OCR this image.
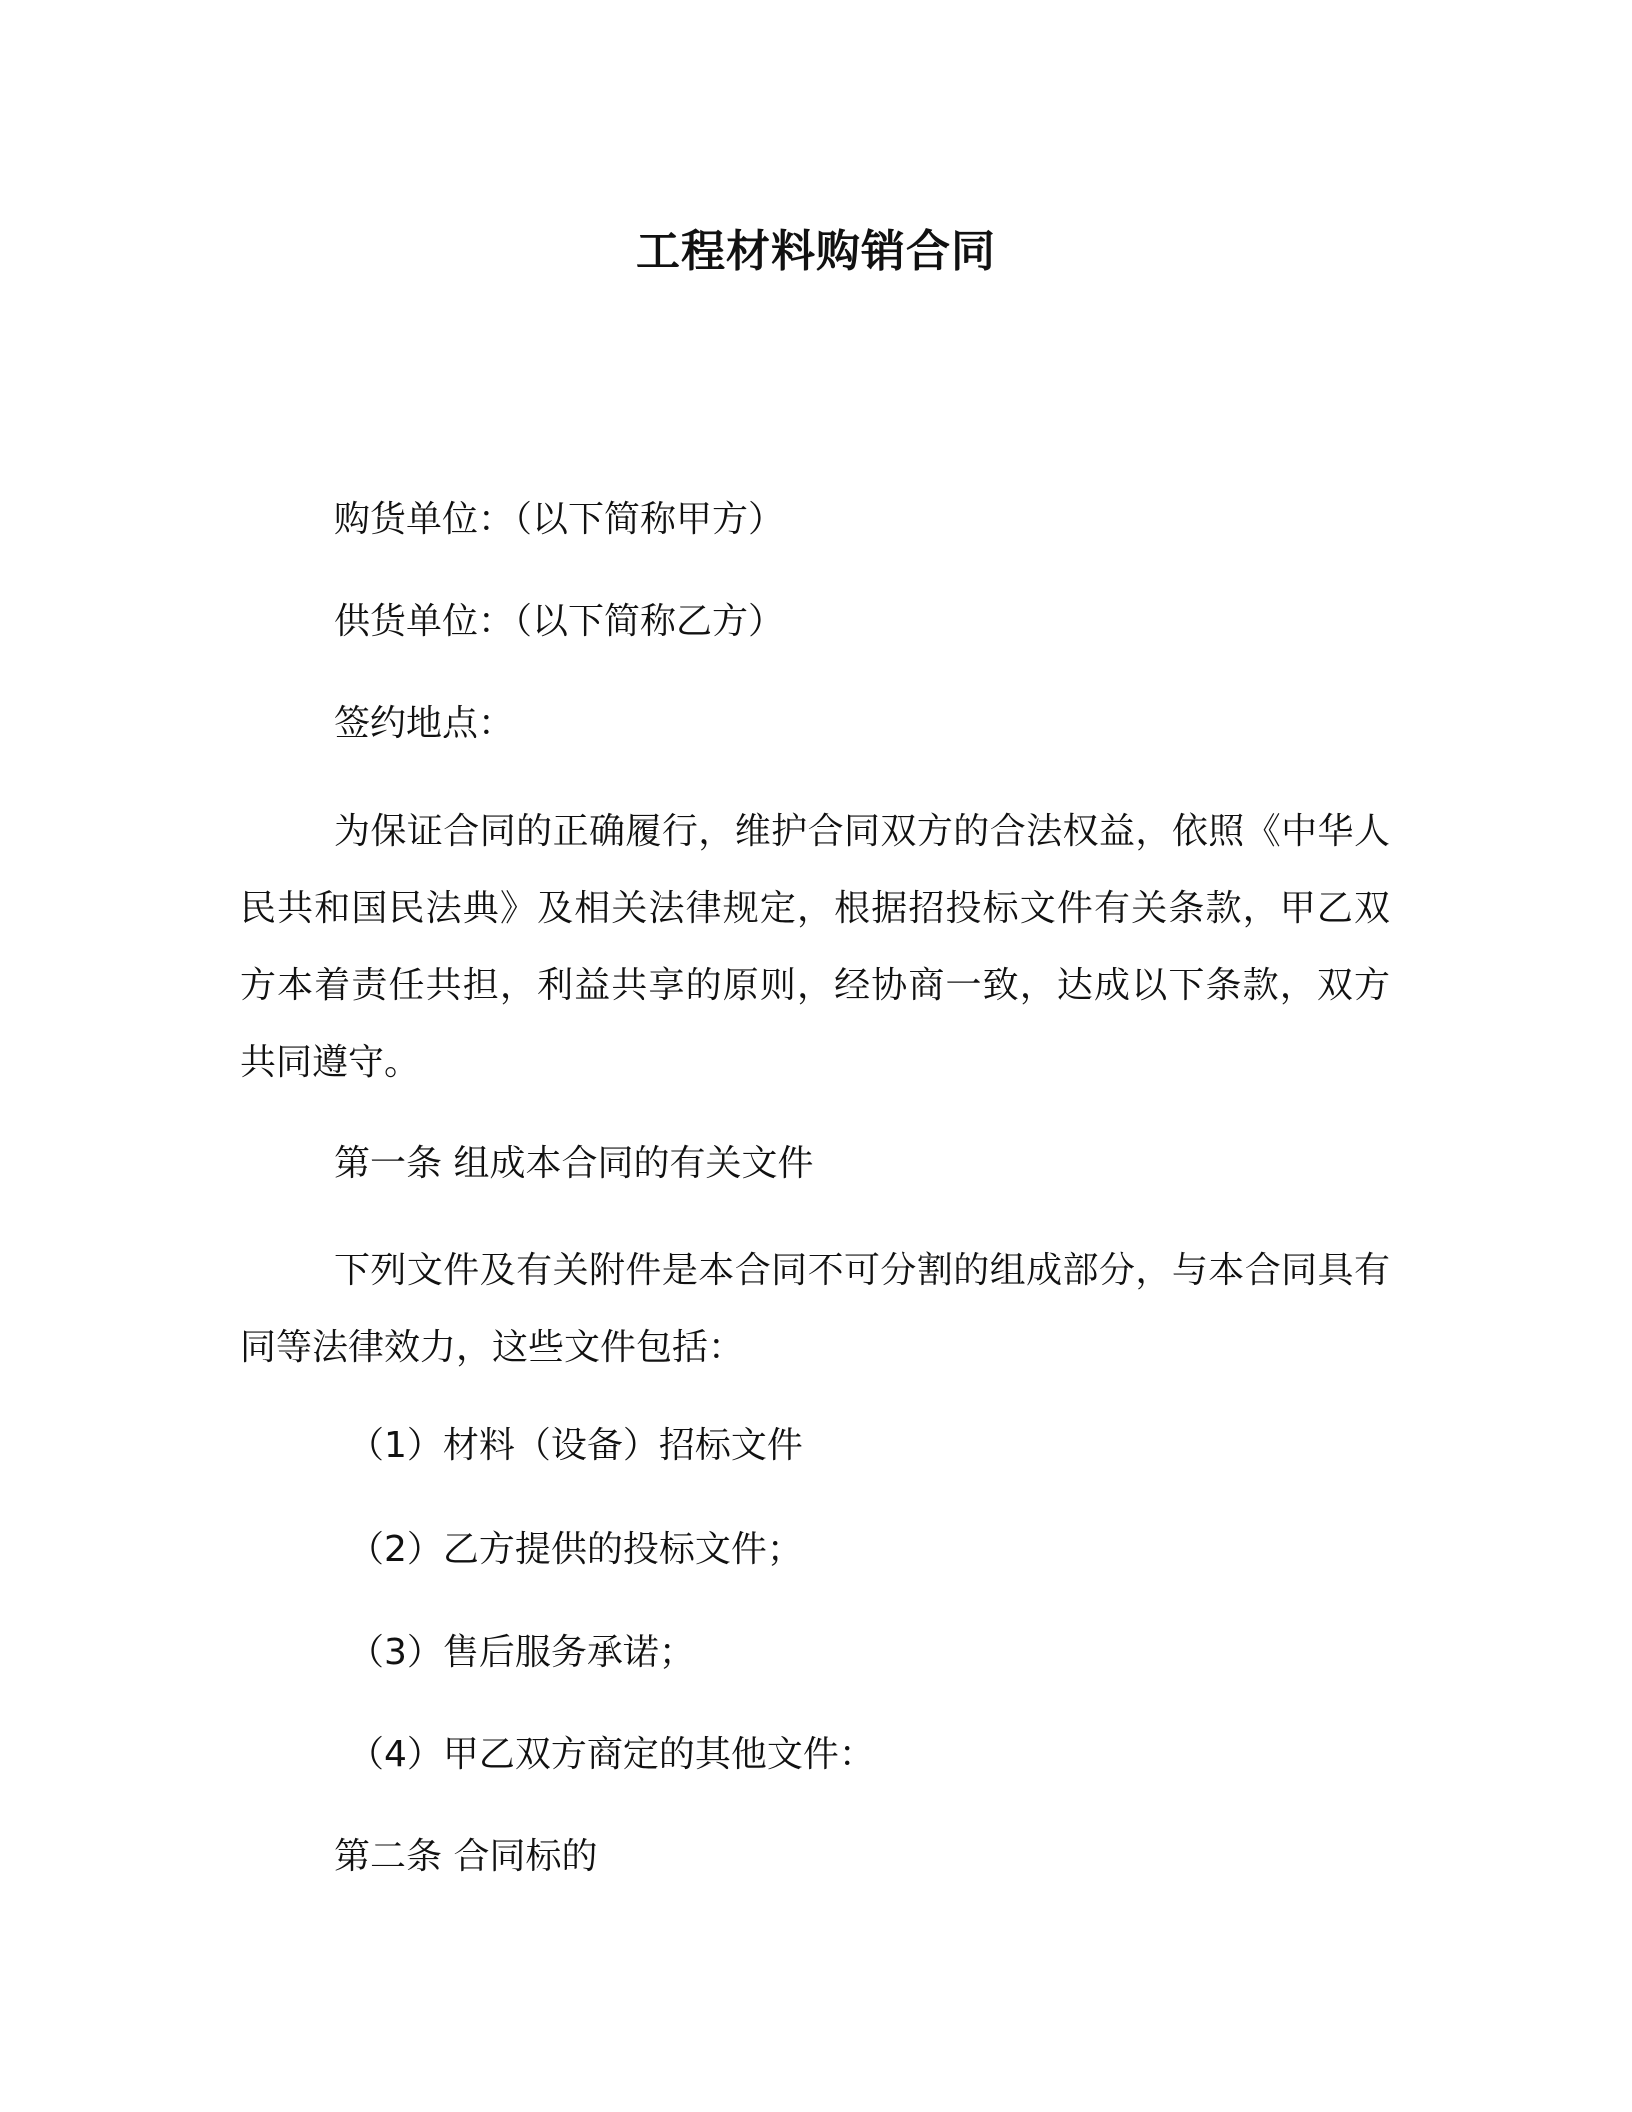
工程材料购销合同
购货单位：（以下简称甲方）
供货单位：（以下简称乙方）
签约地点：
为保证合同的正确履行，维护合同双方的合法权益，依照《中华人民共和国民法典》及相关法律规定，根据招投标文件有关条款，甲乙双方本着责任共担，利益共享的原则，经协商一致，达成以下条款，双方共同遵守。
第一条 组成本合同的有关文件
下列文件及有关附件是本合同不可分割的组成部分，与本合同具有同等法律效力，这些文件包括：
（1）材料（设备）招标文件
（2）乙方提供的投标文件；
（3）售后服务承诺；
（4）甲乙双方商定的其他文件：
第二条 合同标的
